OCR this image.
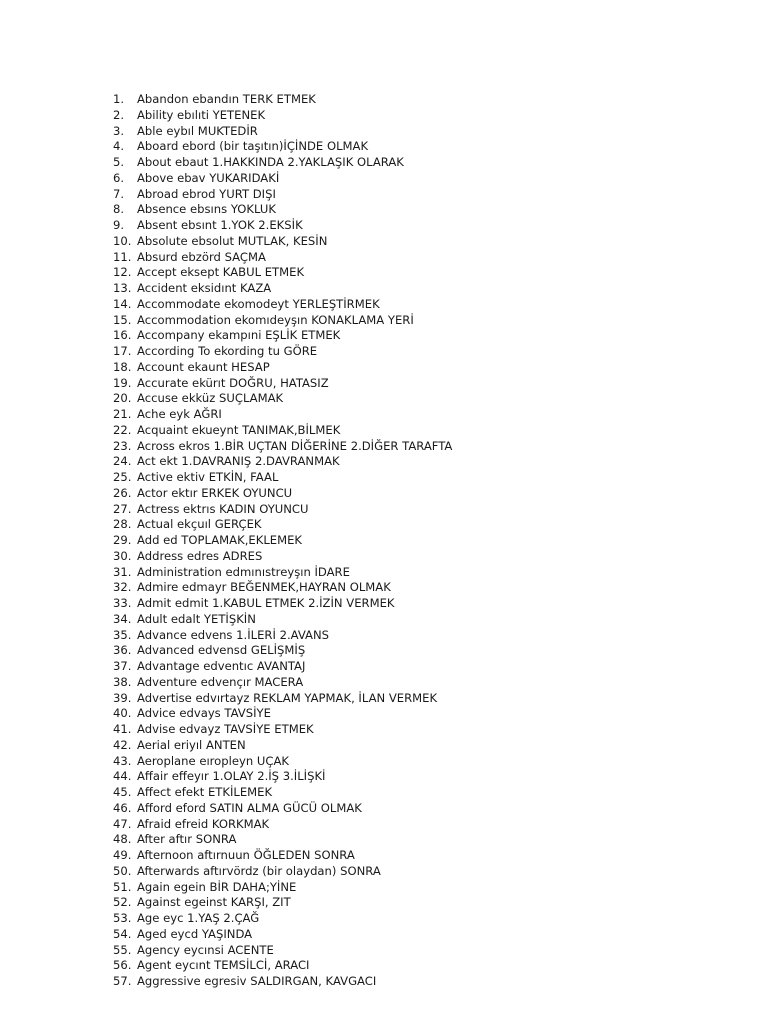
1.	Abandon ebandın TERK ETMEK
2.	Ability ebılıti YETENEK
3.	Able eybıl MUKTEDİR
4.	Aboard ebord (bir taşıtın)İÇİNDE OLMAK
5.	About ebaut 1.HAKKINDA 2.YAKLAŞIK OLARAK
6.	Above ebav YUKARIDAKİ
7.	Abroad ebrod YURT DIŞI
8.	Absence ebsıns YOKLUK
9.	Absent ebsınt 1.YOK 2.EKSİK
10. Absolute ebsolut MUTLAK, KESİN
11. Absurd ebzörd SAÇMA
12. Accept eksept KABUL ETMEK
13. Accident eksidınt KAZA
14. Accommodate ekomodeyt YERLEŞTİRMEK
15. Accommodation ekomıdeyşın KONAKLAMA YERİ
16. Accompany ekampıni EŞLİK ETMEK
17. According To ekording tu GÖRE
18. Account ekaunt HESAP
19. Accurate ekürıt DOĞRU, HATASIZ
20. Accuse ekküz SUÇLAMAK
21. Ache eyk AĞRI
22. Acquaint ekueynt TANIMAK,BİLMEK
23. Across ekros 1.BİR UÇTAN DİĞERİNE 2.DİĞER TARAFTA
24. Act ekt 1.DAVRANIŞ 2.DAVRANMAK
25. Active ektiv ETKİN, FAAL
26. Actor ektır ERKEK OYUNCU
27. Actress ektrıs KADIN OYUNCU
28. Actual ekçuıl GERÇEK
29. Add ed TOPLAMAK,EKLEMEK
30. Address edres ADRES
31. Administration edmınıstreyşın İDARE
32. Admire edmayr BEĞENMEK,HAYRAN OLMAK
33. Admit edmit 1.KABUL ETMEK 2.İZİN VERMEK
34. Adult edalt YETİŞKİN
35. Advance edvens 1.İLERİ 2.AVANS
36. Advanced edvensd GELİŞMİŞ
37. Advantage edventıc AVANTAJ
38. Adventure edvençır MACERA
39. Advertise edvırtayz REKLAM YAPMAK, İLAN VERMEK
40. Advice edvays TAVSİYE
41. Advise edvayz TAVSİYE ETMEK
42. Aerial eriyıl ANTEN
43. Aeroplane eıropleyn UÇAK
44. Affair effeyır 1.OLAY 2.İŞ 3.İLİŞKİ
45. Affect efekt ETKİLEMEK
46. Afford eford SATIN ALMA GÜCÜ OLMAK
47. Afraid efreid KORKMAK
48. After aftır SONRA
49. Afternoon aftırnuun ÖĞLEDEN SONRA
50. Afterwards aftırvördz (bir olaydan) SONRA
51. Again egein BİR DAHA;YİNE
52. Against egeinst KARŞI, ZIT
53. Age eyc 1.YAŞ 2.ÇAĞ
54. Aged eycd YAŞINDA
55. Agency eycınsi ACENTE
56. Agent eycınt TEMSİLCİ, ARACI
57. Aggressive egresiv SALDIRGAN, KAVGACI
